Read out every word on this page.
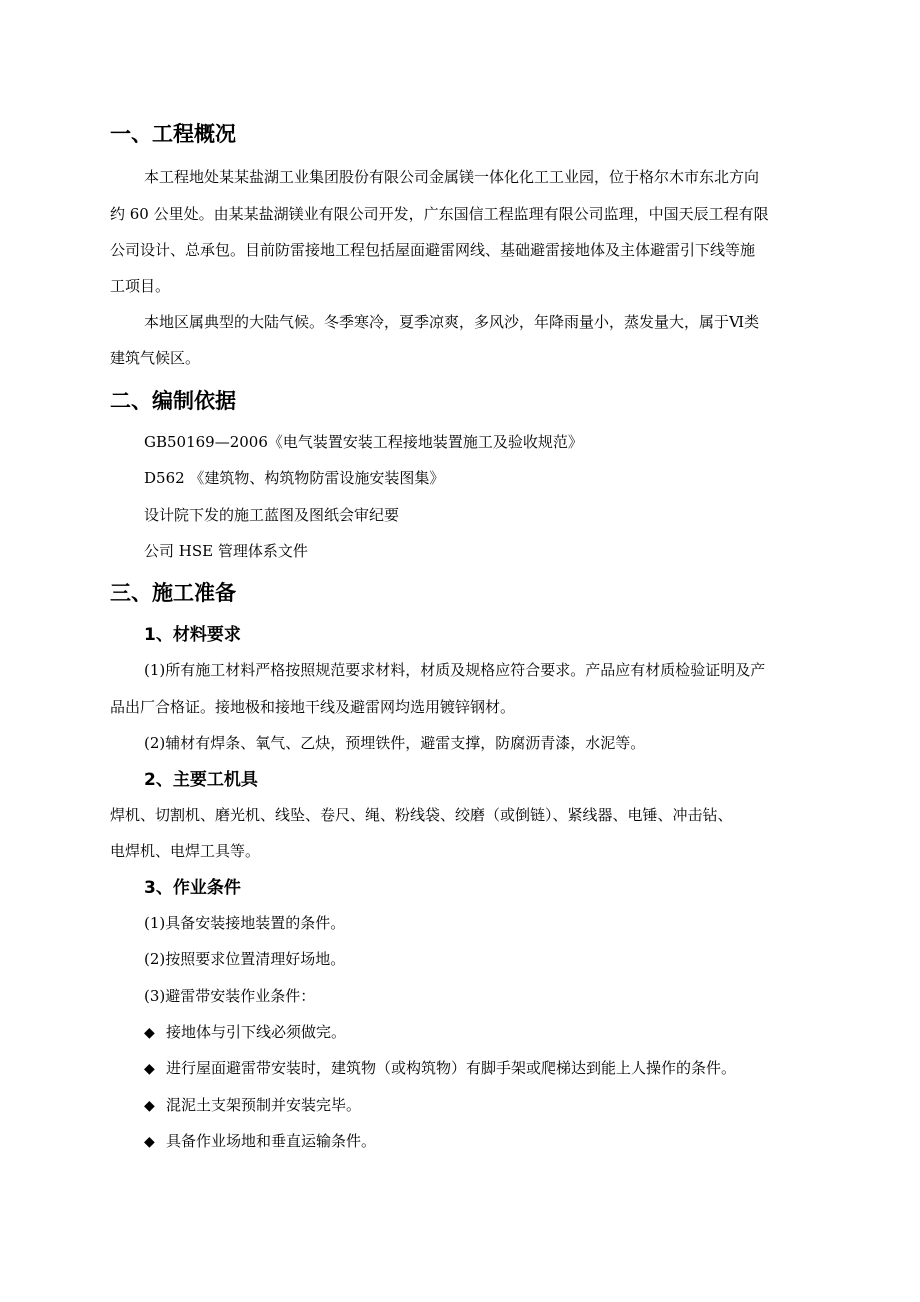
一、工程概况
本工程地处某某盐湖工业集团股份有限公司金属镁一体化化工工业园，位于格尔木市东北方向
约 60 公里处。由某某盐湖镁业有限公司开发，广东国信工程监理有限公司监理，中国天辰工程有限
公司设计、总承包。目前防雷接地工程包括屋面避雷网线、基础避雷接地体及主体避雷引下线等施
工项目。
本地区属典型的大陆气候。冬季寒冷，夏季凉爽，多风沙，年降雨量小，蒸发量大，属于Ⅵ类
建筑气候区。
二、编制依据
GB50169—2006《电气装置安装工程接地装置施工及验收规范》
D562 《建筑物、构筑物防雷设施安装图集》
设计院下发的施工蓝图及图纸会审纪要
公司 HSE 管理体系文件
三、施工准备
1、材料要求
(1)所有施工材料严格按照规范要求材料，材质及规格应符合要求。产品应有材质检验证明及产
品出厂合格证。接地极和接地干线及避雷网均选用镀锌钢材。
(2)辅材有焊条、氧气、乙炔，预埋铁件，避雷支撑，防腐沥青漆，水泥等。
2、主要工机具
焊机、切割机、磨光机、线坠、卷尺、绳、粉线袋、绞磨（或倒链）、紧线器、电锤、冲击钻、
电焊机、电焊工具等。
3、作业条件
(1)具备安装接地装置的条件。
(2)按照要求位置清理好场地。
(3)避雷带安装作业条件：
◆ 接地体与引下线必须做完。
◆ 进行屋面避雷带安装时，建筑物（或构筑物）有脚手架或爬梯达到能上人操作的条件。
◆ 混泥土支架预制并安装完毕。
◆ 具备作业场地和垂直运输条件。
